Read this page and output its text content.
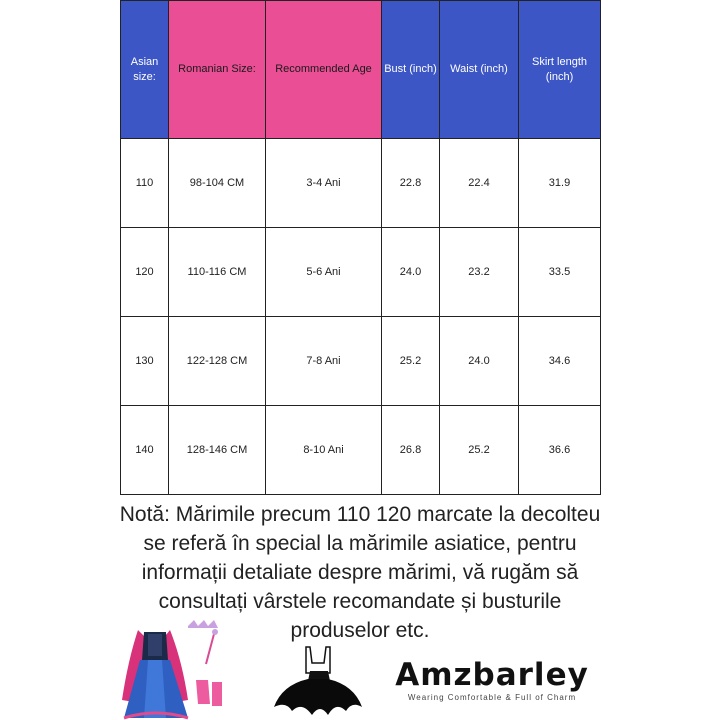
Asian size:	Romanian Size:	Recommended Age	Bust (inch)	Waist (inch)	Skirt length (inch)
110	98-104 CM	3-4 Ani	22.8	22.4	31.9
120	110-116 CM	5-6 Ani	24.0	23.2	33.5
130	122-128 CM	7-8 Ani	25.2	24.0	34.6
140	128-146 CM	8-10 Ani	26.8	25.2	36.6

Notă: Mărimile precum 110 120 marcate la decolteu se referă în special la mărimile asiatice, pentru informații detaliate despre mărimi, vă rugăm să consultați vârstele recomandate și busturile produselor etc.

Amzbarley
Wearing Comfortable & Full of Charm
